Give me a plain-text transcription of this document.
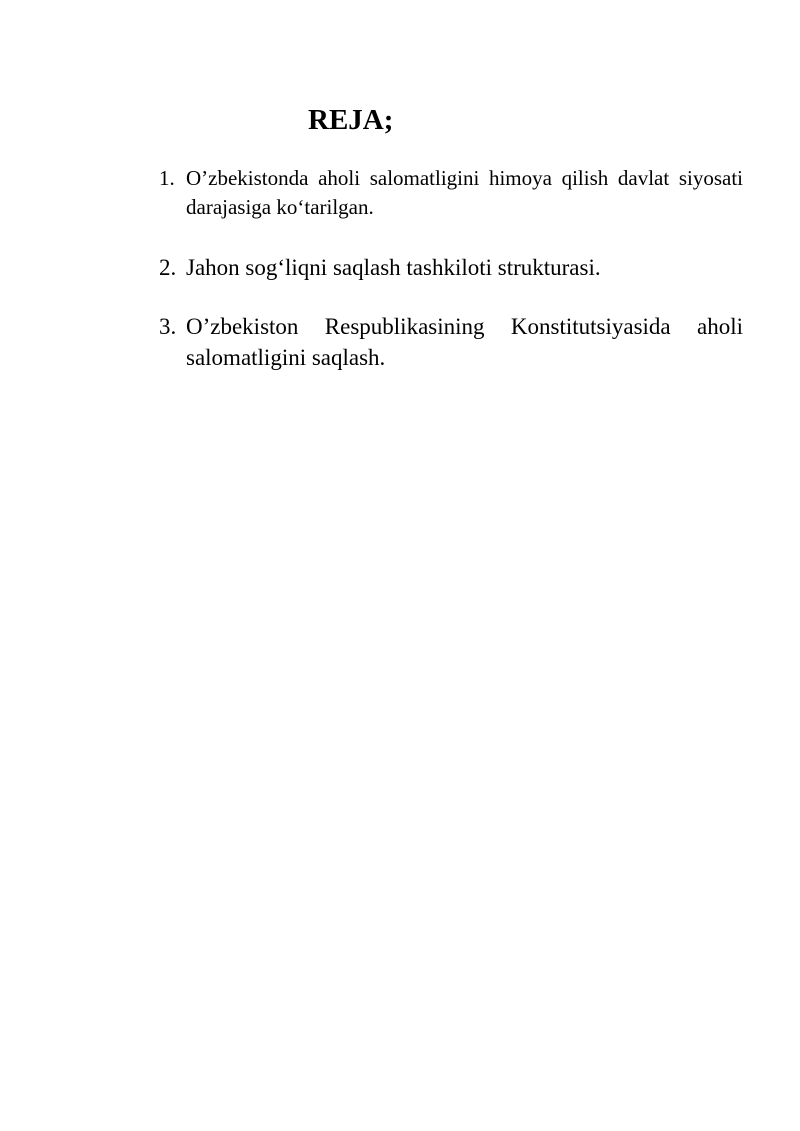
REJA;
1. O’zbekistonda aholi salomatligini himoya qilish davlat siyosati darajasiga ko‘tarilgan.
2. Jahon sog‘liqni saqlash tashkiloti strukturasi.
3. O’zbekiston Respublikasining Konstitutsiyasida aholi salomatligini saqlash.
